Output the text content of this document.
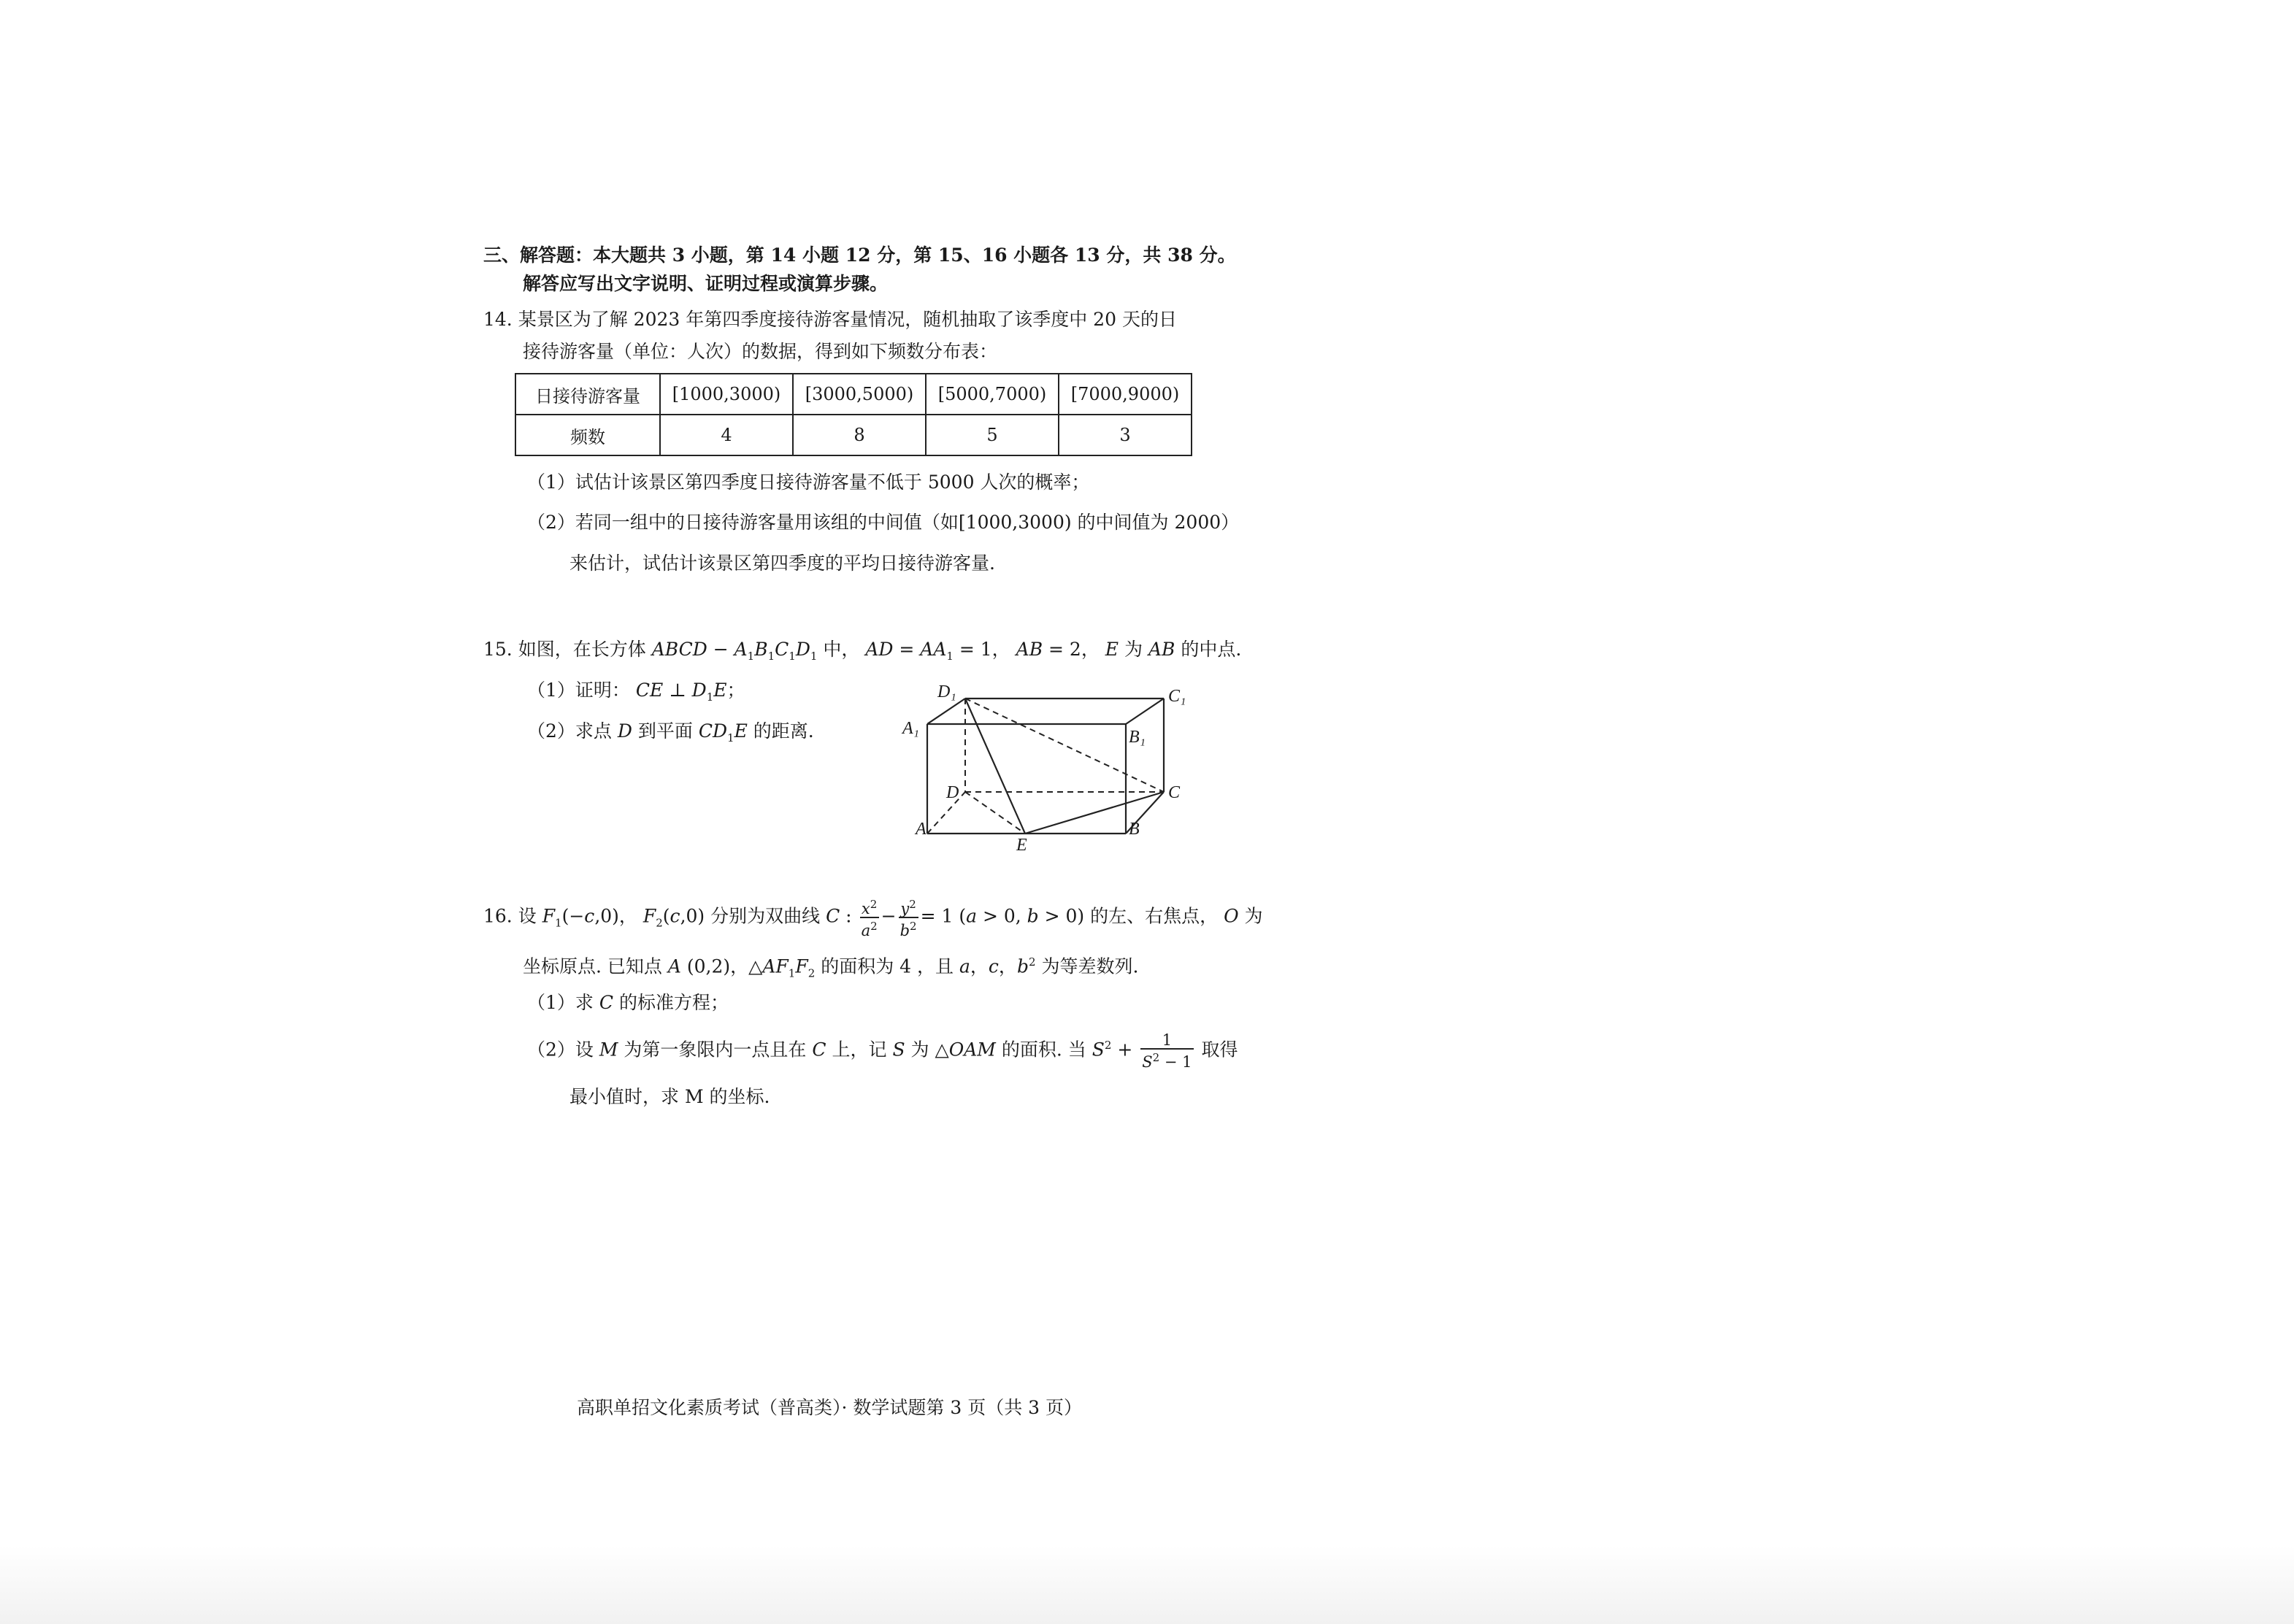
三、解答题：本大题共 3 小题，第 14 小题 12 分，第 15、16 小题各 13 分，共 38 分。
解答应写出文字说明、证明过程或演算步骤。
14. 某景区为了解 2023 年第四季度接待游客量情况，随机抽取了该季度中 20 天的日
接待游客量（单位：人次）的数据，得到如下频数分布表：
日接待游客量	[1000,3000)	[3000,5000)	[5000,7000)	[7000,9000)
频数	4	8	5	3
（1）试估计该景区第四季度日接待游客量不低于 5000 人次的概率；
（2）若同一组中的日接待游客量用该组的中间值（如[1000,3000) 的中间值为 2000）
来估计，试估计该景区第四季度的平均日接待游客量.
15. 如图，在长方体 ABCD − $A_1B_1C_1D_1$ 中， AD = $AA_1 = 1$， AB = 2， E 为 AB 的中点.
（1）证明： CE ⊥ $D_1E$；
（2）求点 D 到平面 $CD_1E$ 的距离.
D₁	C₁
A₁	B₁
D	C
A	B
E
16. 设 $F_1(-c,0)$， $F_2(c,0)$ 分别为双曲线 C : $\frac{x^2}{a^2} - \frac{y^2}{b^2} = 1$ (a > 0, b > 0) 的左、右焦点， O 为
坐标原点. 已知点 A (0,2)，$\triangle AF_1F_2$ 的面积为 4 ，且 a，c，$b^2$ 为等差数列.
（1）求 C 的标准方程；
（2）设 M 为第一象限内一点且在 C 上，记 S 为 △OAM 的面积. 当 $S^2 + \frac{1}{S^2 - 1}$ 取得
最小值时，求 M 的坐标.
高职单招文化素质考试（普高类）· 数学试题第 3 页（共 3 页）
